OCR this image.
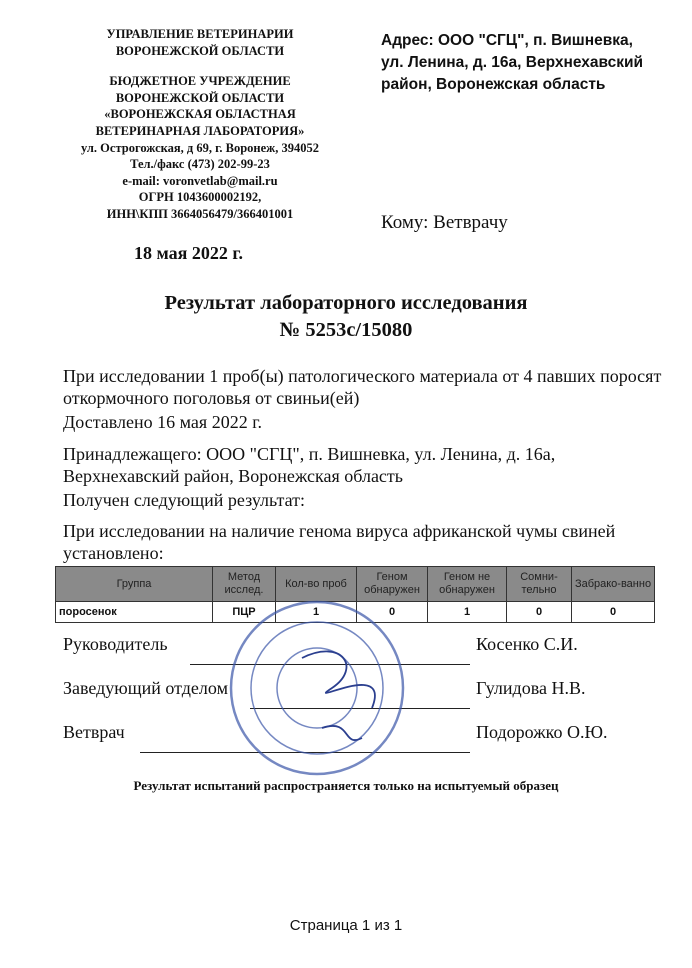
УПРАВЛЕНИЕ ВЕТЕРИНАРИИ
ВОРОНЕЖСКОЙ ОБЛАСТИ
БЮДЖЕТНОЕ УЧРЕЖДЕНИЕ
ВОРОНЕЖСКОЙ ОБЛАСТИ
«ВОРОНЕЖСКАЯ ОБЛАСТНАЯ
ВЕТЕРИНАРНАЯ ЛАБОРАТОРИЯ»
ул. Острогожская, д 69, г. Воронеж, 394052
Тел./факс (473) 202-99-23
e-mail: voronvetlab@mail.ru
ОГРН 1043600002192,
ИНН\КПП 3664056479/366401001
Адрес: ООО "СГЦ", п. Вишневка,
ул. Ленина, д. 16а, Верхнехавский
район, Воронежская область
Кому: Ветврачу
18 мая 2022 г.
Результат лабораторного исследования
№ 5253с/15080
При исследовании 1 проб(ы) патологического материала от 4 павших поросят откормочного поголовья от свиньи(ей)
Доставлено 16 мая 2022 г.
Принадлежащего: ООО "СГЦ", п. Вишневка, ул. Ленина, д. 16а, Верхнехавский район, Воронежская область
Получен следующий результат:
При исследовании на наличие генома вируса африканской чумы свиней установлено:
Группа	Метод исслед.	Кол-во проб	Геном обнаружен	Геном не обнаружен	Сомни-тельно	Забрако-ванно
поросенок	ПЦР	1	0	1	0	0
Руководитель	Косенко С.И.
Заведующий отделом	Гулидова Н.В.
Ветврач	Подорожко О.Ю.
Результат испытаний распространяется только на испытуемый образец
Страница 1 из 1
